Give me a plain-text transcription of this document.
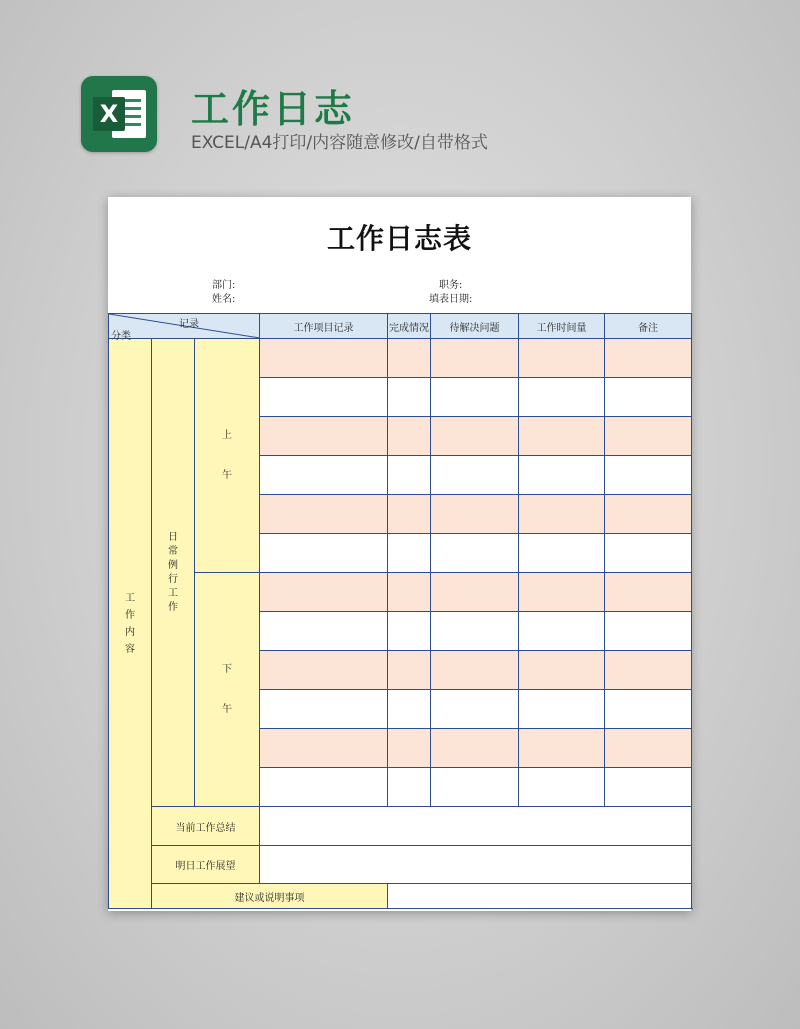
X 工作日志
EXCEL/A4打印/内容随意修改/自带格式
工作日志表
部门:
姓名:
职务:
填表日期:
记录
分类			工作项目记录	完成情况	待解决问题	工作时间量	备注

工作内容	日常例行工作	上午					

		下午					

	当前工作总结						
	明日工作展望						
	建议或说明事项						
